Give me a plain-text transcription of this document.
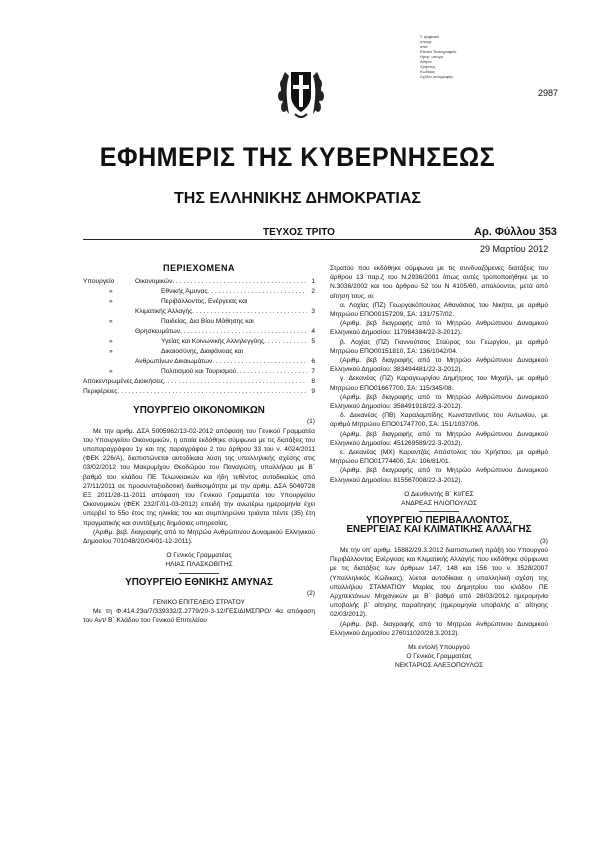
Ξ ψηφιακά
υπογρ.
από:
Εθνικό Τυπογραφείο
Ημερ. υπογρ.
Αθήνα
Χρήστης
Κωδικός
Σχέδιο υπογραφής
2987
ΕΦΗΜΕΡΙΣ ΤΗΣ ΚΥΒΕΡΝΗΣΕΩΣ
ΤΗΣ ΕΛΛΗΝΙΚΗΣ ΔΗΜΟΚΡΑΤΙΑΣ
ΤΕΥΧΟΣ ΤΡΙΤΟ	Αρ. Φύλλου 353
29 Μαρτίου 2012
ΠΕΡΙΕΧΟΜΕΝΑ
Υπουργείο	Οικονομικών . . .	1
»	Εθνικής Άμυνας . . .	2
»	Περιβάλλοντος, Ενέργειας και
Κλιματικής Αλλαγής . . .	3
»	Παιδείας, Δια Βίου Μάθησης και
Θρησκευμάτων . . .	4
»	Υγείας και Κοινωνικής Αλληλεγγύης . . .	5
»	Δικαιοσύνης, Διαφάνειας και
Ανθρωπίνων Δικαιωμάτων . . .	6
»	Πολιτισμού και Τουρισμού . . .	7
Αποκεντρωμένες Διοικήσεις . . .	8
Περιφέρειες . . .	9
ΥΠΟΥΡΓΕΙΟ ΟΙΚΟΝΟΜΙΚΩΝ

(1)

Με την αριθμ. ΔΣΑ 5005962/13-02-2012 απόφαση του Γενικού Γραμματέα του Υπουργείου Οικονομικών, η οποία εκδόθηκε σύμφωνα με τις διατάξεις του υποπαραγράφου 1γ και της παραγράφου 2 του άρθρου 33 του ν. 4024/2011 (ΦΕΚ 226/Α), διαπιστώνεται αυτοδίκαια λύση της υπαλληλικής σχέσης στις 03/02/2012 του Μακρυμίχου Θεοδώρου του Παναγιώτη, υπαλλήλου με Β΄ βαθμό του κλάδου ΠΕ Τελωνειακών και ήδη τεθέντος αυτοδικαίως από 27/11/2011 σε προσυνταξιοδοτική διαθεσιμότητα με την αριθμ. ΔΣΑ 5049728 ΕΞ 2011/28-11-2011 απόφαση του Γενικού Γραμματέα του Υπουργείου Οικονομικών (ΦΕΚ 232/Γ/01-03-2012) επειδή την ανωτέρω ημερομηνία έχει υπερβεί το 55ο έτος της ηλικίας του και συμπληρώνει τριάντα πέντε (35) έτη πραγματικής και συντάξιμης δημόσιας υπηρεσίας.

(Αριθμ. βεβ. διαγραφής από το Μητρώο Ανθρώπινου Δυναμικού Ελληνικού Δημοσίου 701048/20/04/01-12-2011).

Ο Γενικός Γραμματέας

ΗΛΙΑΣ ΠΛΑΣΚΟΒΙΤΗΣ

ΥΠΟΥΡΓΕΙΟ ΕΘΝΙΚΗΣ ΑΜΥΝΑΣ

(2)

ΓΕΝΙΚΟ ΕΠΙΤΕΛΕΙΟ ΣΤΡΑΤΟΥ

Με τη Φ.414.23α/7/339332/Σ.2779/20-3-12/ΓΕΣ/ΔΙΜΣΠΡΟ/ 4α απόφαση του Αντ/ Β΄ Κλάδου του Γενικού Επιτελείου

Στρατού που εκδόθηκε σύμφωνα με τις συνδυαζόμενες διατάξεις του άρθρου 13 παρ.ζ του Ν.2936/2001 όπως αυτές τροποποιήθηκε με το Ν.3036/2002 και του άρθρου 52 του Ν 4105/60, απολύονται, μετά από αίτηση τους, οι:

α. Λοχίας (ΠΖ) Γεωργακόπουλος Αθανάσιος του Νικήτα, με αριθμό Μητρώου ΕΠΟ00157209, ΣΑ: 131/757/02.

(Αριθμ. βεβ διαγραφής από το Μητρώο Ανθρώπινου Δυναμικού Ελληνικού Δημοσίου: 117984384/22-3-2012).

β. Λοχίας (ΠΖ) Γιαννούτσος Σταύρος του Γεωργίου, με αριθμό Μητρώου ΕΠΟ00151810, ΣΑ: 136/1042/04.

(Αριθμ. βεβ διαγραφής από το Μητρώο Ανθρώπινου Δυναμικού Ελληνικού Δημοσίου: 383494481/22-3-2012).

γ. Δεκανέας (ΠΖ) Καραγεωργίου Δημήτριος του Μιχαήλ, με αριθμό Μητρώου ΕΠΟ01667700, ΣΑ: 115/345/08.

(Αριθμ. βεβ διαγραφής από το Μητρώο Ανθρώπινου Δυναμικού Ελληνικού Δημοσίου: 358491918/22-3-2012).

δ. Δεκανέας (ΠΒ) Χαραλαμπίδης Κωνσταντίνος του Αντωνίου, με αριθμό Μητρώου ΕΠΟ01747700, ΣΑ: 151/1037/06.

(Αριθμ. βεβ διαγραφής από το Μητρώο Ανθρώπινου Δυναμικού Ελληνικού Δημοσίου: 451269589/22-3-2012).

ε. Δεκανέας (ΜΧ) Καραντζάς Απόστολος του Χρήστου, με αριθμό Μητρώου ΕΠΟ01774400, ΣΑ: 106/81/01.

(Αριθμ. βεβ διαγραφής από το Μητρώο Ανθρώπινου Δυναμικού Ελληνικού Δημοσίου: 815567008/22-3-2012).

Ο Διευθυντής Β΄ ΚΙ/ΓΕΣ

ΑΝΔΡΕΑΣ ΗΛΙΟΠΟΥΛΟΣ

ΥΠΟΥΡΓΕΙΟ ΠΕΡΙΒΑΛΛΟΝΤΟΣ,
ΕΝΕΡΓΕΙΑΣ ΚΑΙ ΚΛΙΜΑΤΙΚΗΣ ΑΛΛΑΓΗΣ

(3)

Με την υπ' αριθμ. 15882/29.3.2012 διαπιστωτική πράξη του Υπουργού Περιβάλλοντος Ενέργειας και Κλιματικής Αλλαγής που εκδόθηκε σύμφωνα με τις διατάξεις των άρθρων 147, 148 και 156 του ν. 3528/2007 (Υπαλληλικός Κώδικας), λύεται αυτοδίκαια η υπαλληλική σχέση της υπαλλήλου ΣΤΑΜΑΤΙΟΥ Μαρίας του Δημητρίου του κλάδου ΠΕ Αρχιτεκτόνων Μηχανικών με Β΄ βαθμό από 28/03/2012 ημερομηνία υποβολής β΄ αίτησης παραίτησης (ημερομηνία υποβολής α΄ αίτησης 02/03/2012).

(Αριθμ. βεβ. διαγραφής από το Μητρώο Ανθρώπινου Δυναμικού Ελληνικού Δημοσίου 276011020/28.3.2012).

Με εντολή Υπουργού

Ο Γενικός Γραμματέας

ΝΕΚΤΑΡΙΟΣ ΑΛΕΞΟΠΟΥΛΟΣ
